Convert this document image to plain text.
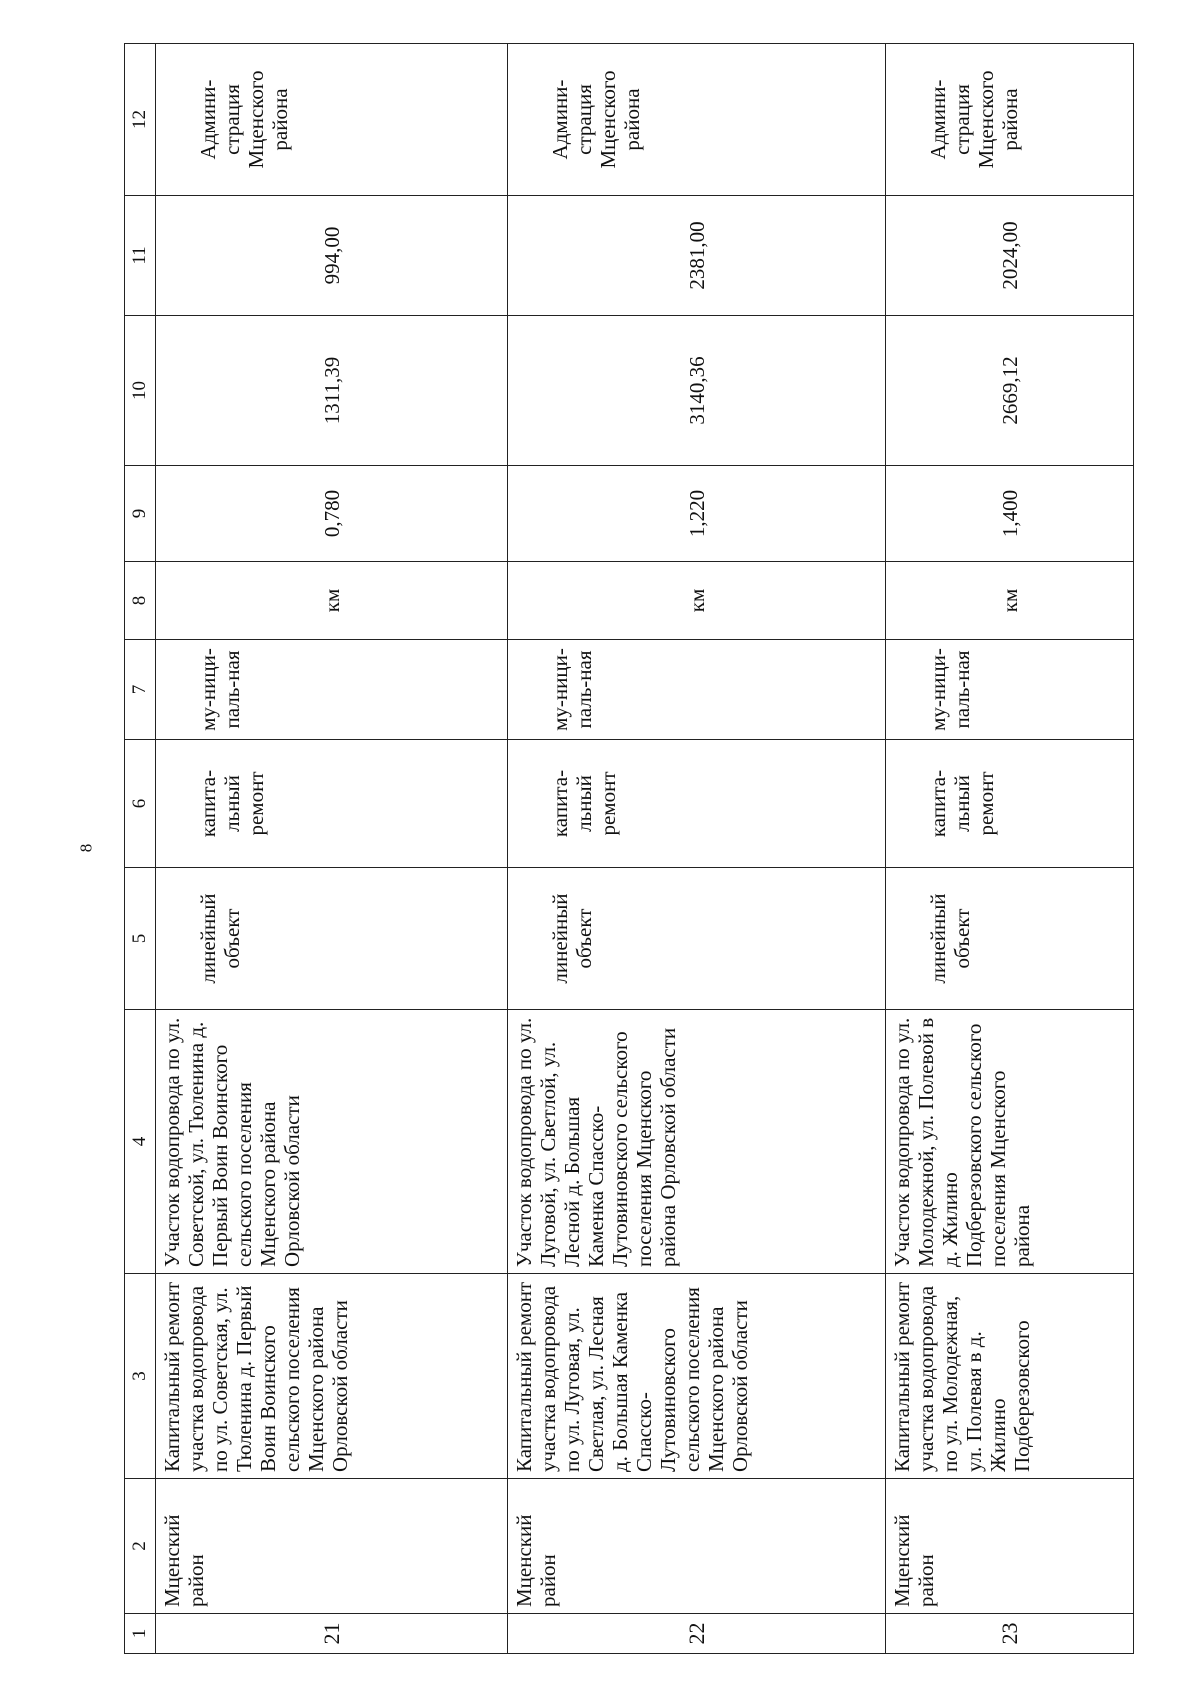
8
1	2	3	4	5	6	7	8	9	10	11	12
21	Мценский район	Капитальный ремонт участка водопровода по ул. Советская, ул. Тюленина д. Первый Воин Воинского сельского поселения Мценского района Орловской области	Участок водопровода по ул. Советской, ул. Тюленина д. Первый Воин Воинского сельского поселения Мценского района Орловской области	линейный объект	капита-льный ремонт	му-ници-паль-ная	км	0,780	1311,39	994,00	Админи-страция Мценского района
22	Мценский район	Капитальный ремонт участка водопровода по ул. Луговая, ул. Светлая, ул. Лесная д. Большая Каменка Спасско-Лутовиновского сельского поселения Мценского района Орловской области	Участок водопровода по ул. Луговой, ул. Светлой, ул. Лесной д. Большая Каменка Спасско-Лутовиновского сельского поселения Мценского района Орловской области	линейный объект	капита-льный ремонт	му-ници-паль-ная	км	1,220	3140,36	2381,00	Админи-страция Мценского района
23	Мценский район	Капитальный ремонт участка водопровода по ул. Молодежная, ул. Полевая в д. Жилино Подберезовского	Участок водопровода по ул. Молодежной, ул. Полевой в д. Жилино Подберезовского сельского поселения Мценского района	линейный объект	капита-льный ремонт	му-ници-паль-ная	км	1,400	2669,12	2024,00	Админи-страция Мценского района
